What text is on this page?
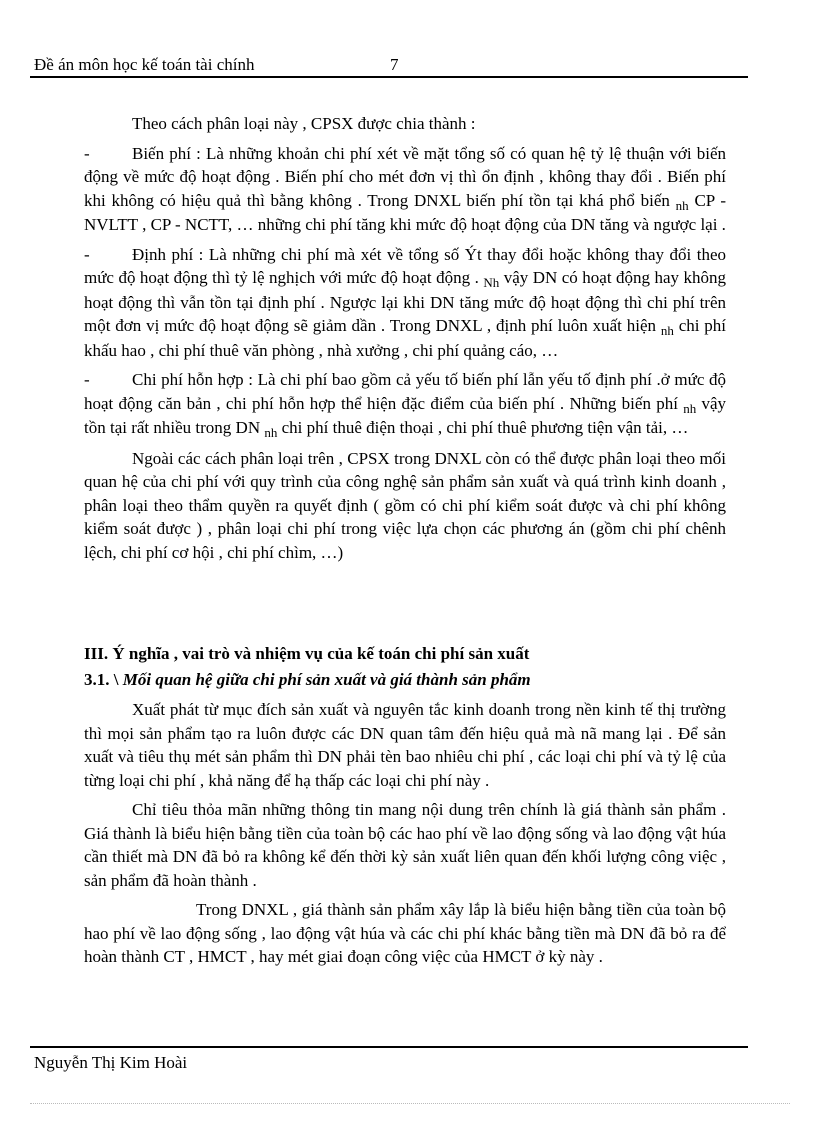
Đề án môn học kế toán tài chính	7

Theo cách phân loại này , CPSX được chia thành :

- Biến phí : Là những khoản chi phí xét về mặt tổng số có quan hệ tỷ lệ thuận với biến động về mức độ hoạt động . Biến phí cho mét đơn vị thì ổn định , không thay đổi . Biến phí khi không có hiệu quả thì bằng không . Trong DNXL biến phí tồn tại khá phổ biến $_{nh}$ CP - NVLTT , CP - NCTT, … những chi phí tăng khi mức độ hoạt động của DN tăng và ngược lại .

- Định phí : Là những chi phí mà xét về tổng số Ýt thay đổi hoặc không thay đổi theo mức độ hoạt động thì tỷ lệ nghịch với mức độ hoạt động . $_{Nh}$ vậy DN có hoạt động hay không hoạt động thì vẫn tồn tại định phí . Ngược lại khi DN tăng mức độ hoạt động thì chi phí trên một đơn vị mức độ hoạt động sẽ giảm dần . Trong DNXL , định phí luôn xuất hiện $_{nh}$ chi phí khấu hao , chi phí thuê văn phòng , nhà xưởng , chi phí quảng cáo, …

- Chi phí hỗn hợp : Là chi phí bao gồm cả yếu tố biến phí lẫn yếu tố định phí .ở mức độ hoạt động căn bản , chi phí hỗn hợp thể hiện đặc điểm của biến phí . Những biến phí $_{nh}$ vậy tồn tại rất nhiều trong DN $_{nh}$ chi phí thuê điện thoại , chi phí thuê phương tiện vận tải, …

Ngoài các cách phân loại trên , CPSX trong DNXL còn có thể được phân loại theo mối quan hệ của chi phí với quy trình của công nghệ sản phẩm sản xuất và quá trình kinh doanh , phân loại theo thẩm quyền ra quyết định ( gồm có chi phí kiểm soát được và chi phí không kiểm soát được ) , phân loại chi phí trong việc lựa chọn các phương án (gồm chi phí chênh lệch, chi phí cơ hội , chi phí chìm, …)

III. Ý nghĩa , vai trò và nhiệm vụ của kế toán chi phí sản xuất
3.1. \ Mối quan hệ giữa chi phí sản xuất và giá thành sản phẩm

Xuất phát từ mục đích sản xuất và nguyên tắc kinh doanh trong nền kinh tế thị trường thì mọi sản phẩm tạo ra luôn được các DN quan tâm đến hiệu quả mà nã mang lại . Để sản xuất và tiêu thụ mét sản phẩm thì DN phải tèn bao nhiêu chi phí , các loại chi phí và tỷ lệ của từng loại chi phí , khả năng để hạ thấp các loại chi phí này .

Chỉ tiêu thỏa mãn những thông tin mang nội dung trên chính là giá thành sản phẩm . Giá thành là biểu hiện bằng tiền của toàn bộ các hao phí về lao động sống và lao động vật húa cần thiết mà DN đã bỏ ra không kể đến thời kỳ sản xuất liên quan đến khối lượng công việc , sản phẩm đã hoàn thành .

Trong DNXL , giá thành sản phẩm xây lắp là biểu hiện bằng tiền của toàn bộ hao phí về lao động sống , lao động vật húa và các chi phí khác bằng tiền mà DN đã bỏ ra để hoàn thành CT , HMCT , hay mét giai đoạn công việc của HMCT ở kỳ này .

Nguyễn Thị Kim Hoài
